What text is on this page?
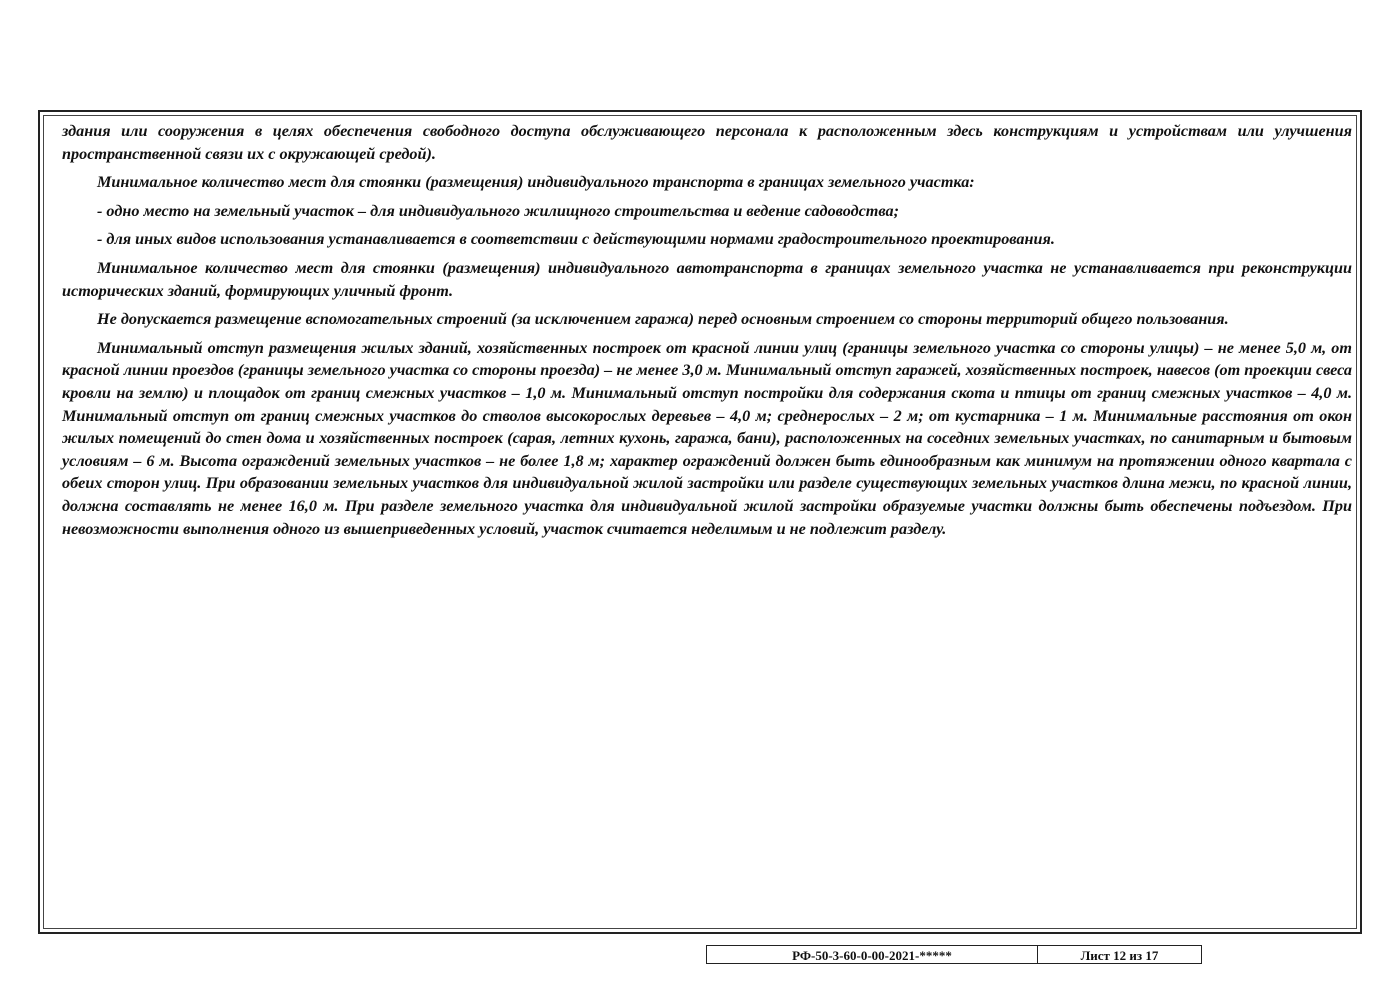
здания или сооружения в целях обеспечения свободного доступа обслуживающего персонала к расположенным здесь конструкциям и устройствам или улучшения пространственной связи их с окружающей средой).

Минимальное количество мест для стоянки (размещения) индивидуального транспорта в границах земельного участка:

- одно место на земельный участок – для индивидуального жилищного строительства и ведение садоводства;

- для иных видов использования устанавливается в соответствии с действующими нормами градостроительного проектирования.

Минимальное количество мест для стоянки (размещения) индивидуального автотранспорта в границах земельного участка не устанавливается при реконструкции исторических зданий, формирующих уличный фронт.

Не допускается размещение вспомогательных строений (за исключением гаража) перед основным строением со стороны территорий общего пользования.

Минимальный отступ размещения жилых зданий, хозяйственных построек от красной линии улиц (границы земельного участка со стороны улицы) – не менее 5,0 м, от красной линии проездов (границы земельного участка со стороны проезда) – не менее 3,0 м. Минимальный отступ гаражей, хозяйственных построек, навесов (от проекции свеса кровли на землю) и площадок от границ смежных участков – 1,0 м. Минимальный отступ постройки для содержания скота и птицы от границ смежных участков – 4,0 м. Минимальный отступ от границ смежных участков до стволов высокорослых деревьев – 4,0 м; среднерослых – 2 м; от кустарника – 1 м. Минимальные расстояния от окон жилых помещений до стен дома и хозяйственных построек (сарая, летних кухонь, гаража, бани), расположенных на соседних земельных участках, по санитарным и бытовым условиям – 6 м. Высота ограждений земельных участков – не более 1,8 м; характер ограждений должен быть единообразным как минимум на протяжении одного квартала с обеих сторон улиц. При образовании земельных участков для индивидуальной жилой застройки или разделе существующих земельных участков длина межи, по красной линии, должна составлять не менее 16,0 м. При разделе земельного участка для индивидуальной жилой застройки образуемые участки должны быть обеспечены подъездом. При невозможности выполнения одного из вышеприведенных условий, участок считается неделимым и не подлежит разделу.

РФ-50-3-60-0-00-2021-*****	Лист 12 из 17
